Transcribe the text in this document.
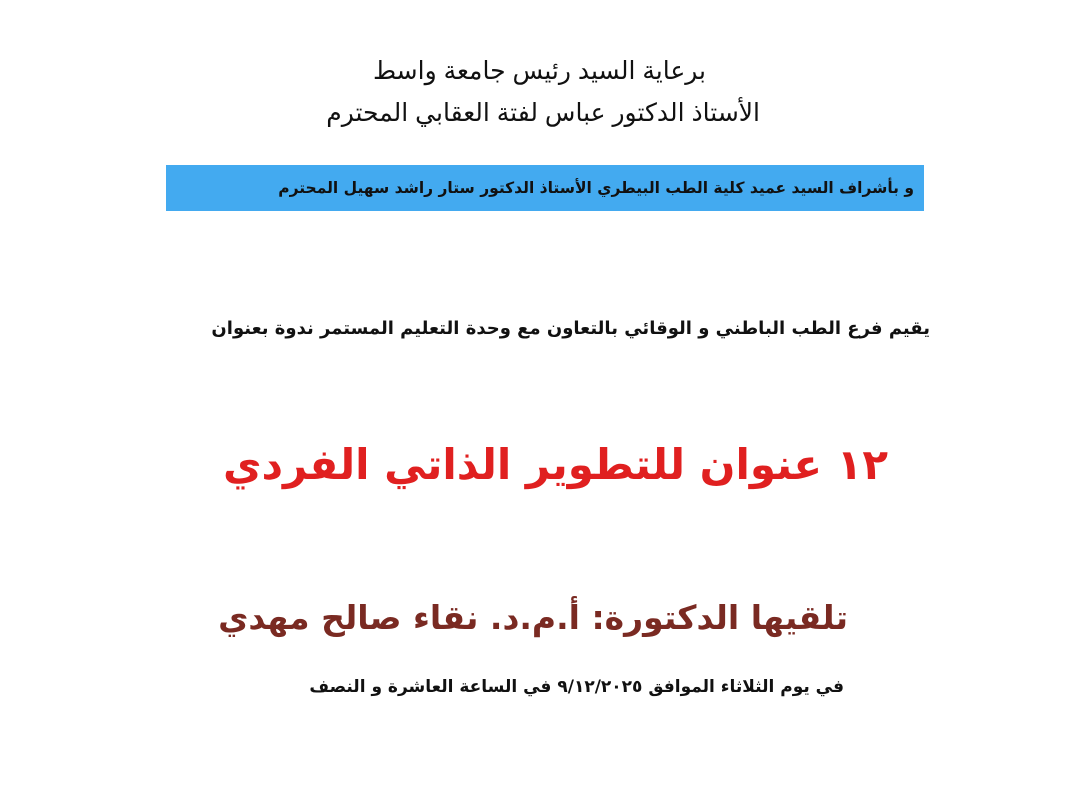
برعاية السيد رئيس جامعة واسط

الأستاذ الدكتور عباس لفتة العقابي المحترم

و بأشراف السيد عميد كلية الطب البيطري الأستاذ الدكتور ستار راشد سهيل المحترم

يقيم فرع الطب الباطني و الوقائي بالتعاون مع وحدة التعليم المستمر ندوة بعنوان

١٢ عنوان للتطوير الذاتي الفردي
تلقيها الدكتورة: أ.م.د. نقاء صالح مهدي

في يوم الثلاثاء الموافق ٩/١٢/٢٠٢٥ في الساعة العاشرة و النصف
